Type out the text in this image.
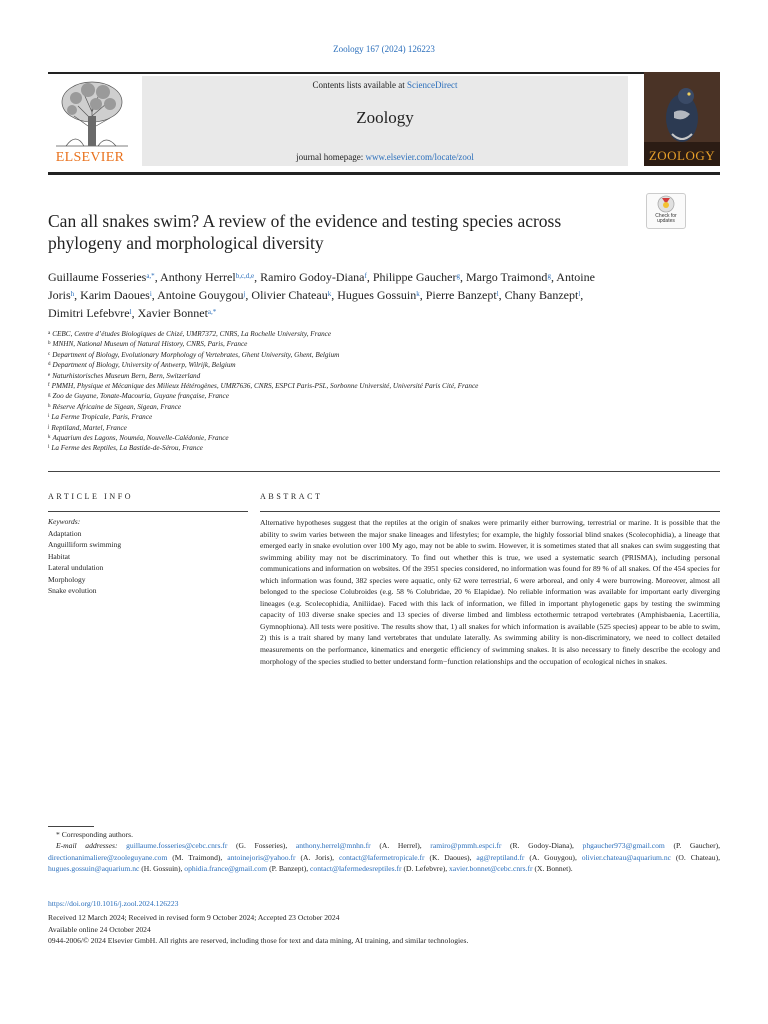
Zoology 167 (2024) 126223
ELSEVIER
Contents lists available at ScienceDirect
Zoology
journal homepage: www.elsevier.com/locate/zool	ZOOLOGY
Check for updates
Can all snakes swim? A review of the evidence and testing species across phylogeny and morphological diversity
Guillaume Fosseries$^{a,*}$, Anthony Herrel$^{b,c,d,e}$, Ramiro Godoy-Diana$^f$, Philippe Gaucher$^g$, Margo Traimond$^g$, Antoine Joris$^h$, Karim Daoues$^i$, Antoine Gouygou$^j$, Olivier Chateau$^k$, Hugues Gossuin$^k$, Pierre Banzept$^l$, Chany Banzept$^l$, Dimitri Lefebvre$^l$, Xavier Bonnet$^{a,*}$
$^a$ CEBC, Centre d’études Biologiques de Chizé, UMR7372, CNRS, La Rochelle University, France
$^b$ MNHN, National Museum of Natural History, CNRS, Paris, France
$^c$ Department of Biology, Evolutionary Morphology of Vertebrates, Ghent University, Ghent, Belgium
$^d$ Department of Biology, University of Antwerp, Wilrijk, Belgium
$^e$ Naturhistorisches Museum Bern, Bern, Switzerland
$^f$ PMMH, Physique et Mécanique des Milieux Hétérogènes, UMR7636, CNRS, ESPCI Paris-PSL, Sorbonne Université, Université Paris Cité, France
$^g$ Zoo de Guyane, Tonate-Macouria, Guyane française, France
$^h$ Réserve Africaine de Sigean, Sigean, France
$^i$ La Ferme Tropicale, Paris, France
$^j$ Reptiland, Martel, France
$^k$ Aquarium des Lagons, Nouméa, Nouvelle-Calédonie, France
$^l$ La Ferme des Reptiles, La Bastide-de-Sérou, France
ARTICLE INFO
Keywords:
Adaptation
Anguilliform swimming
Habitat
Lateral undulation
Morphology
Snake evolution
ABSTRACT
Alternative hypotheses suggest that the reptiles at the origin of snakes were primarily either burrowing, terrestrial or marine. It is possible that the ability to swim varies between the major snake lineages and lifestyles; for example, the highly fossorial blind snakes (Scolecophidia), a lineage that emerged early in snake evolution over 100 My ago, may not be able to swim. However, it is sometimes stated that all snakes can swim suggesting that swimming ability may not be discriminatory. To find out whether this is true, we used a systematic search (PRISMA), including personal communications and information on websites. Of the 3951 species considered, no information was found for 89 % of all snakes. Of the 454 species for which information was found, 382 species were aquatic, only 62 were terrestrial, 6 were arboreal, and only 4 were burrowing. Moreover, almost all belonged to the speciose Colubroides (e.g. 58 % Colubridae, 20 % Elapidae). No reliable information was available for important early diverging lineages (e.g. Scolecophidia, Aniliidae). Faced with this lack of information, we filled in important phylogenetic gaps by testing the swimming capacity of 103 diverse snake species and 13 species of diverse limbed and limbless ectothermic tetrapod vertebrates (Amphisbaenia, Lacertilia, Gymnophiona). All tests were positive. The results show that, 1) all snakes for which information is available (525 species) appear to be able to swim, 2) this is a trait shared by many land vertebrates that undulate laterally. As swimming ability is non-discriminatory, we need to collect detailed measurements on the performance, kinematics and energetic efficiency of swimming snakes. It is also necessary to finely describe the ecology and morphology of the species studied to better understand form−function relationships and the occupation of ecological niches in snakes.
* Corresponding authors.
E-mail addresses: guillaume.fosseries@cebc.cnrs.fr (G. Fosseries), anthony.herrel@mnhn.fr (A. Herrel), ramiro@pmmh.espci.fr (R. Godoy-Diana), phgaucher973@gmail.com (P. Gaucher), directionanimaliere@zooleguyane.com (M. Traimond), antoinejoris@yahoo.fr (A. Joris), contact@lafermetropicale.fr (K. Daoues), ag@reptiland.fr (A. Gouygou), olivier.chateau@aquarium.nc (O. Chateau), hugues.gossuin@aquarium.nc (H. Gossuin), ophidia.france@gmail.com (P. Banzept), contact@lafermedesreptiles.fr (D. Lefebvre), xavier.bonnet@cebc.cnrs.fr (X. Bonnet).
https://doi.org/10.1016/j.zool.2024.126223
Received 12 March 2024; Received in revised form 9 October 2024; Accepted 23 October 2024
Available online 24 October 2024
0944-2006/© 2024 Elsevier GmbH. All rights are reserved, including those for text and data mining, AI training, and similar technologies.
